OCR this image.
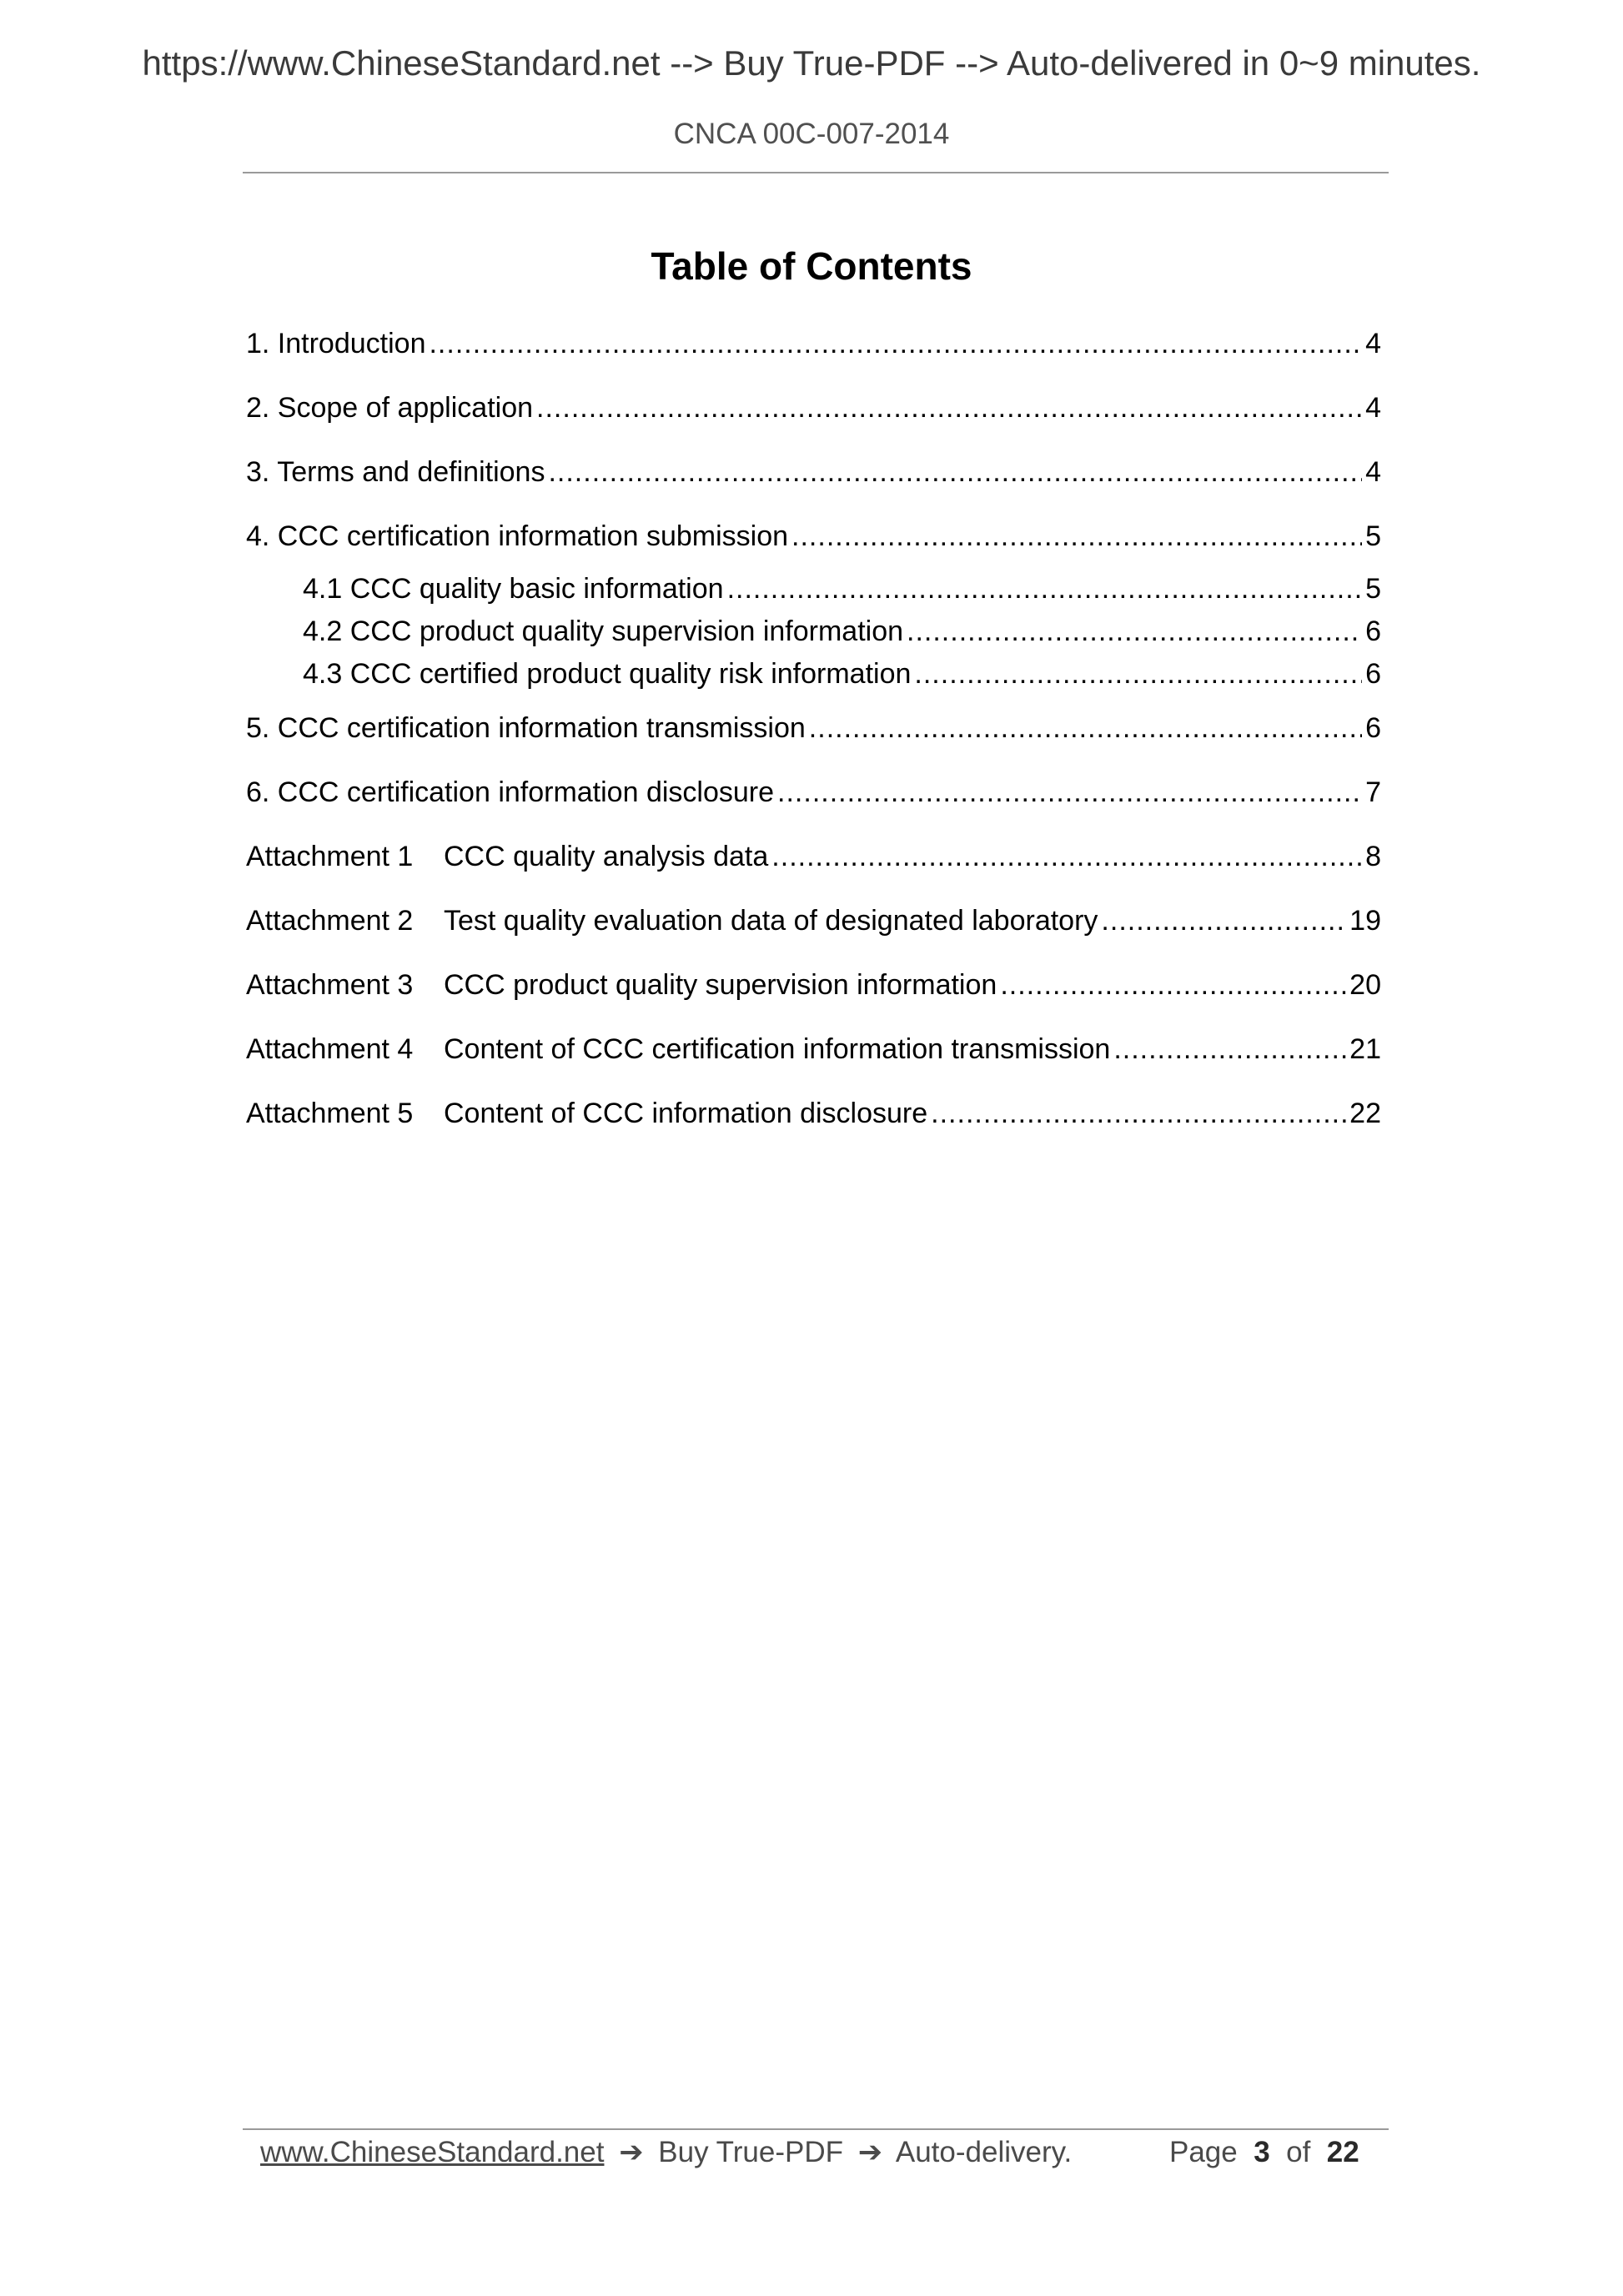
https://www.ChineseStandard.net --> Buy True-PDF --> Auto-delivered in 0~9 minutes.
CNCA 00C-007-2014
Table of Contents
1. Introduction .....	4
2. Scope of application .....	4
3. Terms and definitions .....	4
4. CCC certification information submission .....	5
4.1 CCC quality basic information .....	5
4.2 CCC product quality supervision information .....	6
4.3 CCC certified product quality risk information .....	6
5. CCC certification information transmission .....	6
6. CCC certification information disclosure .....	7
Attachment 1	CCC quality analysis data .....	8
Attachment 2	Test quality evaluation data of designated laboratory .....	19
Attachment 3	CCC product quality supervision information .....	20
Attachment 4	Content of CCC certification information transmission .....	21
Attachment 5	Content of CCC information disclosure .....	22
www.ChineseStandard.net ➔ Buy True-PDF ➔ Auto-delivery.	Page 3 of 22
